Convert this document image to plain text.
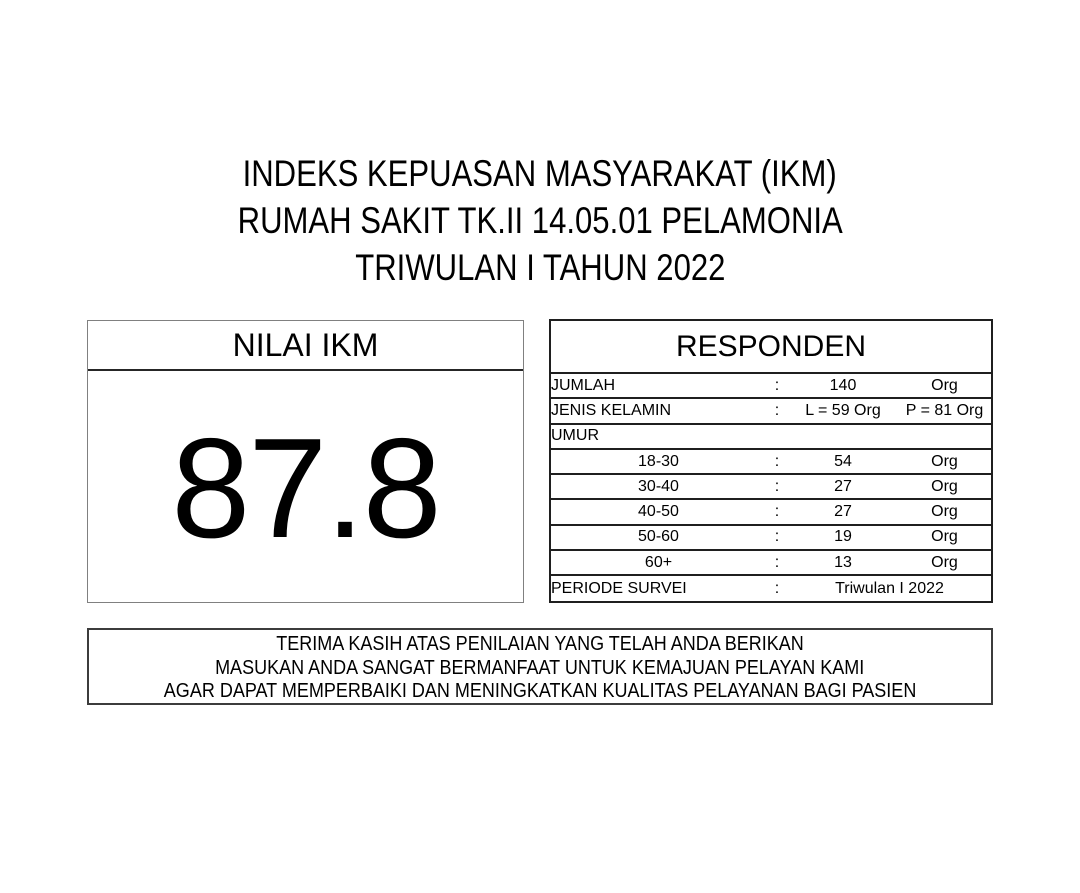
INDEKS KEPUASAN MASYARAKAT (IKM)
RUMAH SAKIT TK.II 14.05.01 PELAMONIA
TRIWULAN I TAHUN 2022
NILAI IKM
87.8
RESPONDEN
JUMLAH	:	140	Org
JENIS KELAMIN	:	L = 59 Org	P = 81 Org
UMUR			
18-30	:	54	Org
30-40	:	27	Org
40-50	:	27	Org
50-60	:	19	Org
60+	:	13	Org
PERIODE SURVEI	:	Triwulan I 2022	
TERIMA KASIH ATAS PENILAIAN YANG TELAH ANDA BERIKAN
MASUKAN ANDA SANGAT BERMANFAAT UNTUK KEMAJUAN PELAYAN KAMI
AGAR DAPAT MEMPERBAIKI DAN MENINGKATKAN KUALITAS PELAYANAN BAGI PASIEN
